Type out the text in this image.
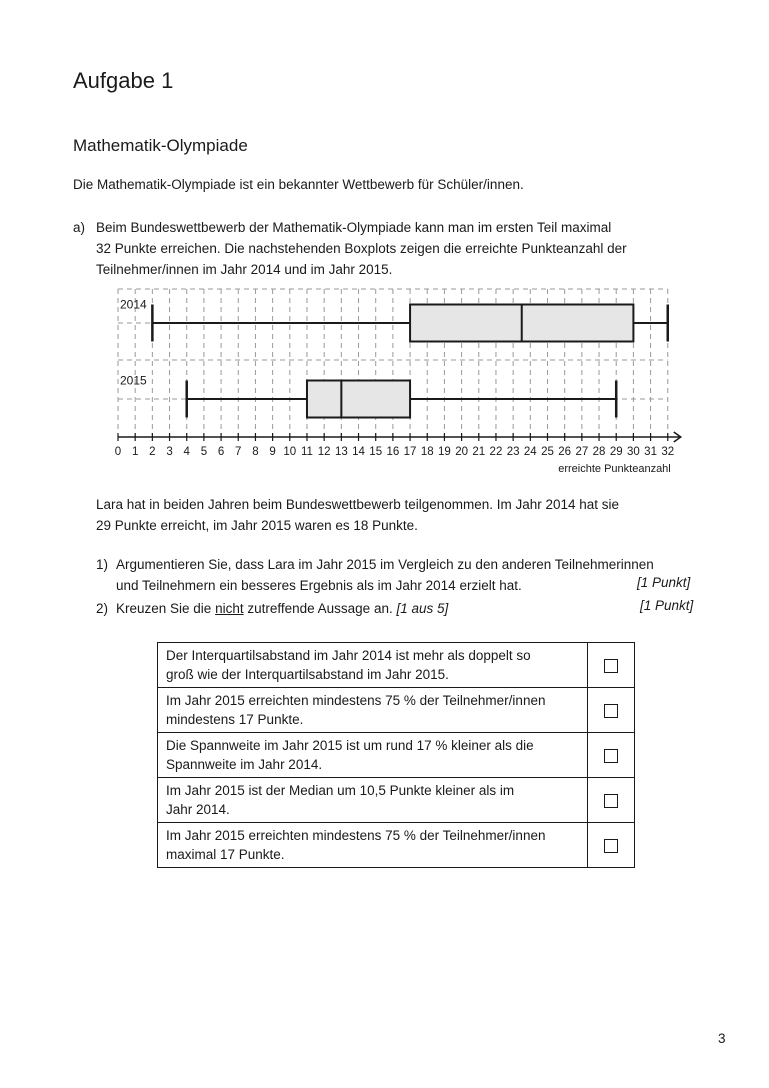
Aufgabe 1
Mathematik-Olympiade
Die Mathematik-Olympiade ist ein bekannter Wettbewerb für Schüler/innen.
a) Beim Bundeswettbewerb der Mathematik-Olympiade kann man im ersten Teil maximal
32 Punkte erreichen. Die nachstehenden Boxplots zeigen die erreichte Punkteanzahl der
Teilnehmer/innen im Jahr 2014 und im Jahr 2015.
2014
2015
0 1 2 3 4 5 6 7 8 9 10 11 12 13 14 15 16 17 18 19 20 21 22 23 24 25 26 27 28 29 30 31 32
erreichte Punkteanzahl
Lara hat in beiden Jahren beim Bundeswettbewerb teilgenommen. Im Jahr 2014 hat sie
29 Punkte erreicht, im Jahr 2015 waren es 18 Punkte.
1) Argumentieren Sie, dass Lara im Jahr 2015 im Vergleich zu den anderen Teilnehmerinnen
und Teilnehmern ein besseres Ergebnis als im Jahr 2014 erzielt hat.	[1 Punkt]
2) Kreuzen Sie die nicht zutreffende Aussage an. [1 aus 5]	[1 Punkt]
Der Interquartilsabstand im Jahr 2014 ist mehr als doppelt so
groß wie der Interquartilsabstand im Jahr 2015.	

Im Jahr 2015 erreichten mindestens 75 % der Teilnehmer/innen
mindestens 17 Punkte.	

Die Spannweite im Jahr 2015 ist um rund 17 % kleiner als die
Spannweite im Jahr 2014.	

Im Jahr 2015 ist der Median um 10,5 Punkte kleiner als im
Jahr 2014.	

Im Jahr 2015 erreichten mindestens 75 % der Teilnehmer/innen
maximal 17 Punkte.	

3
